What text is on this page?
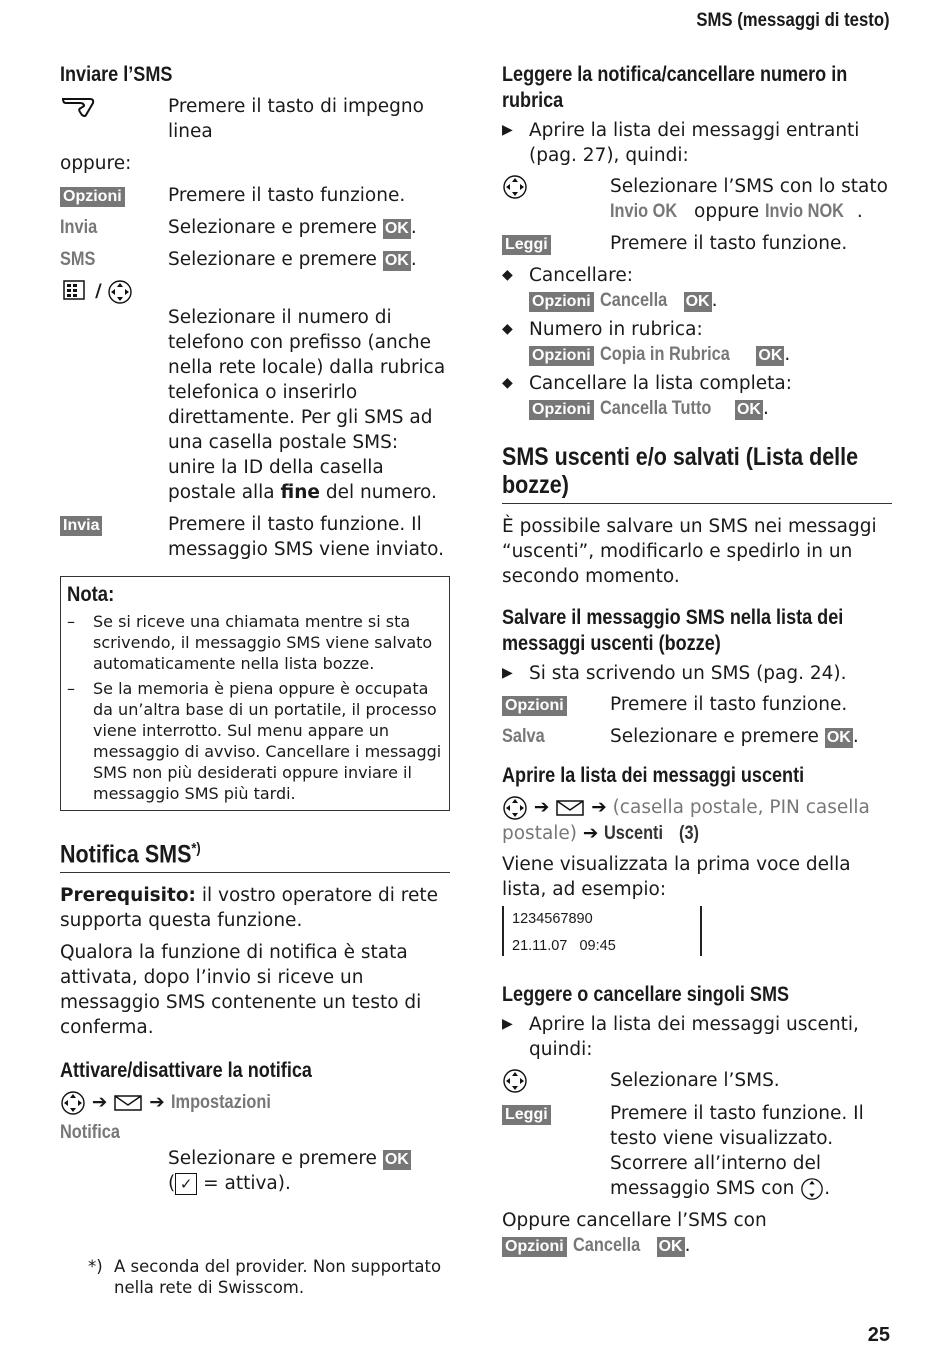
SMS (messaggi di testo)
Inviare l’SMS
Premere il tasto di impegno linea
oppure:
Opzioni	Premere il tasto funzione.
Invia	Selezionare e premere OK .
SMS	Selezionare e premere OK .
/
Selezionare il numero di telefono con prefisso (anche nella rete locale) dalla rubrica telefonica o inserirlo direttamente. Per gli SMS ad una casella postale SMS: unire la ID della casella postale alla fine del numero.
Invia	Premere il tasto funzione. Il messaggio SMS viene inviato.
Nota:
–	Se si riceve una chiamata mentre si sta scrivendo, il messaggio SMS viene salvato automaticamente nella lista bozze.
–	Se la memoria è piena oppure è occupata da un’altra base di un portatile, il processo viene interrotto. Sul menu appare un messaggio di avviso. Cancellare i messaggi SMS non più desiderati oppure inviare il messaggio SMS più tardi.
Notifica SMS*)
Prerequisito: il vostro operatore di rete supporta questa funzione.
Qualora la funzione di notifica è stata attivata, dopo l’invio si riceve un messaggio SMS contenente un testo di conferma.
Attivare/disattivare la notifica
➔ ➔ Impostazioni
Notifica
Selezionare e premere OK
( ✓ = attiva).
*) A seconda del provider. Non supportato nella rete di Swisscom.
Leggere la notifica/cancellare numero in rubrica
▶ Aprire la lista dei messaggi entranti (pag. 27), quindi:
Selezionare l’SMS con lo stato Invio OK oppure Invio NOK .
Leggi	Premere il tasto funzione.
◆ Cancellare:
Opzioni Cancella OK .
◆ Numero in rubrica:
Opzioni Copia in Rubrica OK .
◆ Cancellare la lista completa:
Opzioni Cancella Tutto OK .
SMS uscenti e/o salvati (Lista delle bozze)
È possibile salvare un SMS nei messaggi “uscenti”, modificarlo e spedirlo in un secondo momento.
Salvare il messaggio SMS nella lista dei messaggi uscenti (bozze)
▶ Si sta scrivendo un SMS (pag. 24).
Opzioni	Premere il tasto funzione.
Salva	Selezionare e premere OK .
Aprire la lista dei messaggi uscenti
➔ ➔ (casella postale, PIN casella postale) ➔ Uscenti (3)
Viene visualizzata la prima voce della lista, ad esempio:
1234567890
21.11.07 09:45
Leggere o cancellare singoli SMS
▶ Aprire la lista dei messaggi uscenti, quindi:
Selezionare l’SMS.
Leggi	Premere il tasto funzione. Il testo viene visualizzato. Scorrere all’interno del messaggio SMS con .
Oppure cancellare l’SMS con
Opzioni Cancella OK .
25
